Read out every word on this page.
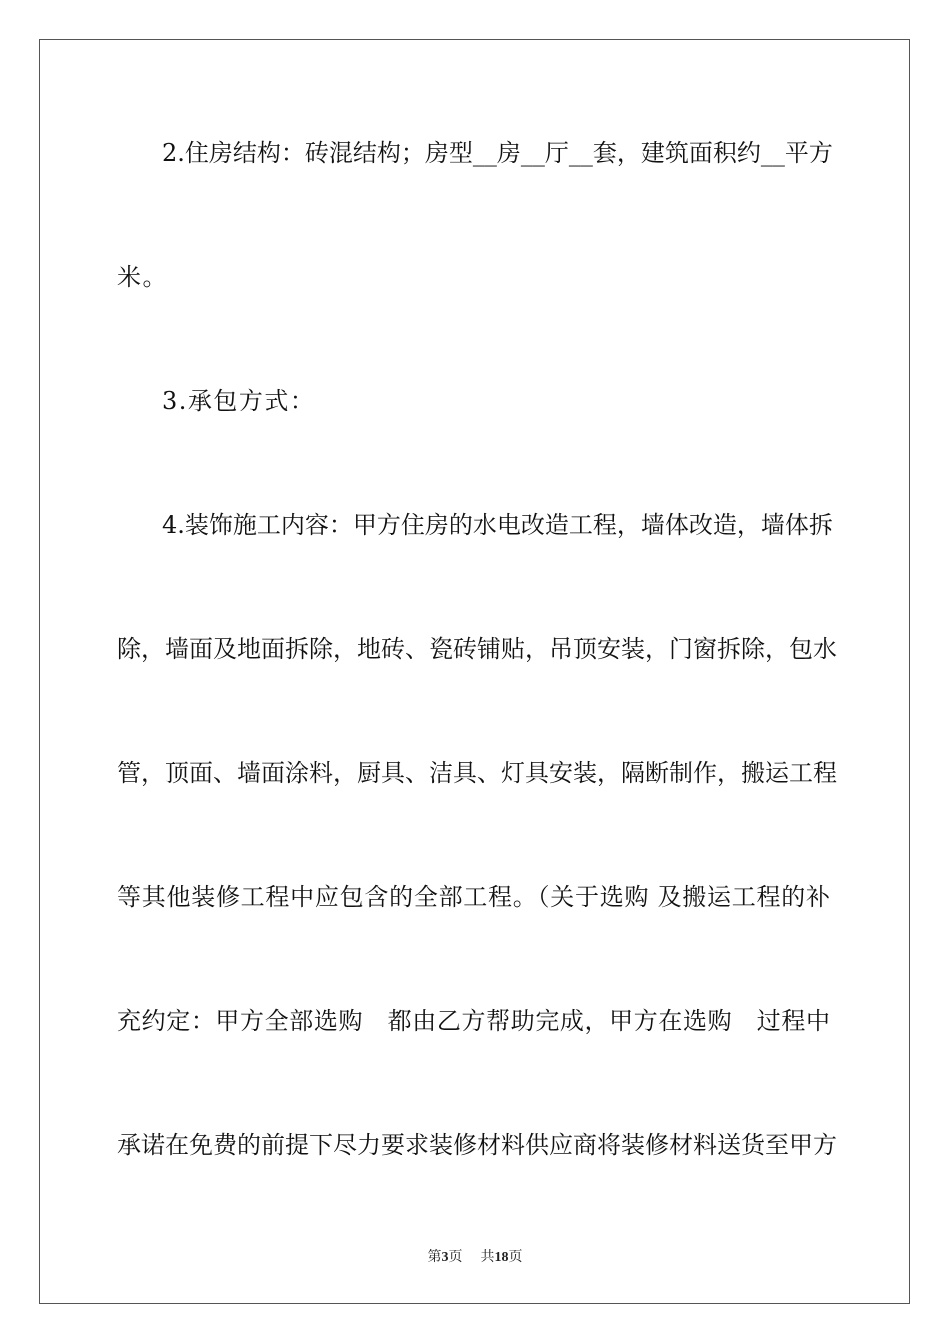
2.住房结构：砖混结构；房型__房__厅__套，建筑面积约__平方
米。
3.承包方式：
4.装饰施工内容：甲方住房的水电改造工程，墙体改造，墙体拆
除，墙面及地面拆除，地砖、瓷砖铺贴，吊顶安装，门窗拆除，包水
管，顶面、墙面涂料，厨具、洁具、灯具安装，隔断制作，搬运工程
等其他装修工程中应包含的全部工程。（关于选购 及搬运工程的补
充约定：甲方全部选购　都由乙方帮助完成，甲方在选购　过程中
承诺在免费的前提下尽力要求装修材料供应商将装修材料送货至甲方
第3页 共18页
